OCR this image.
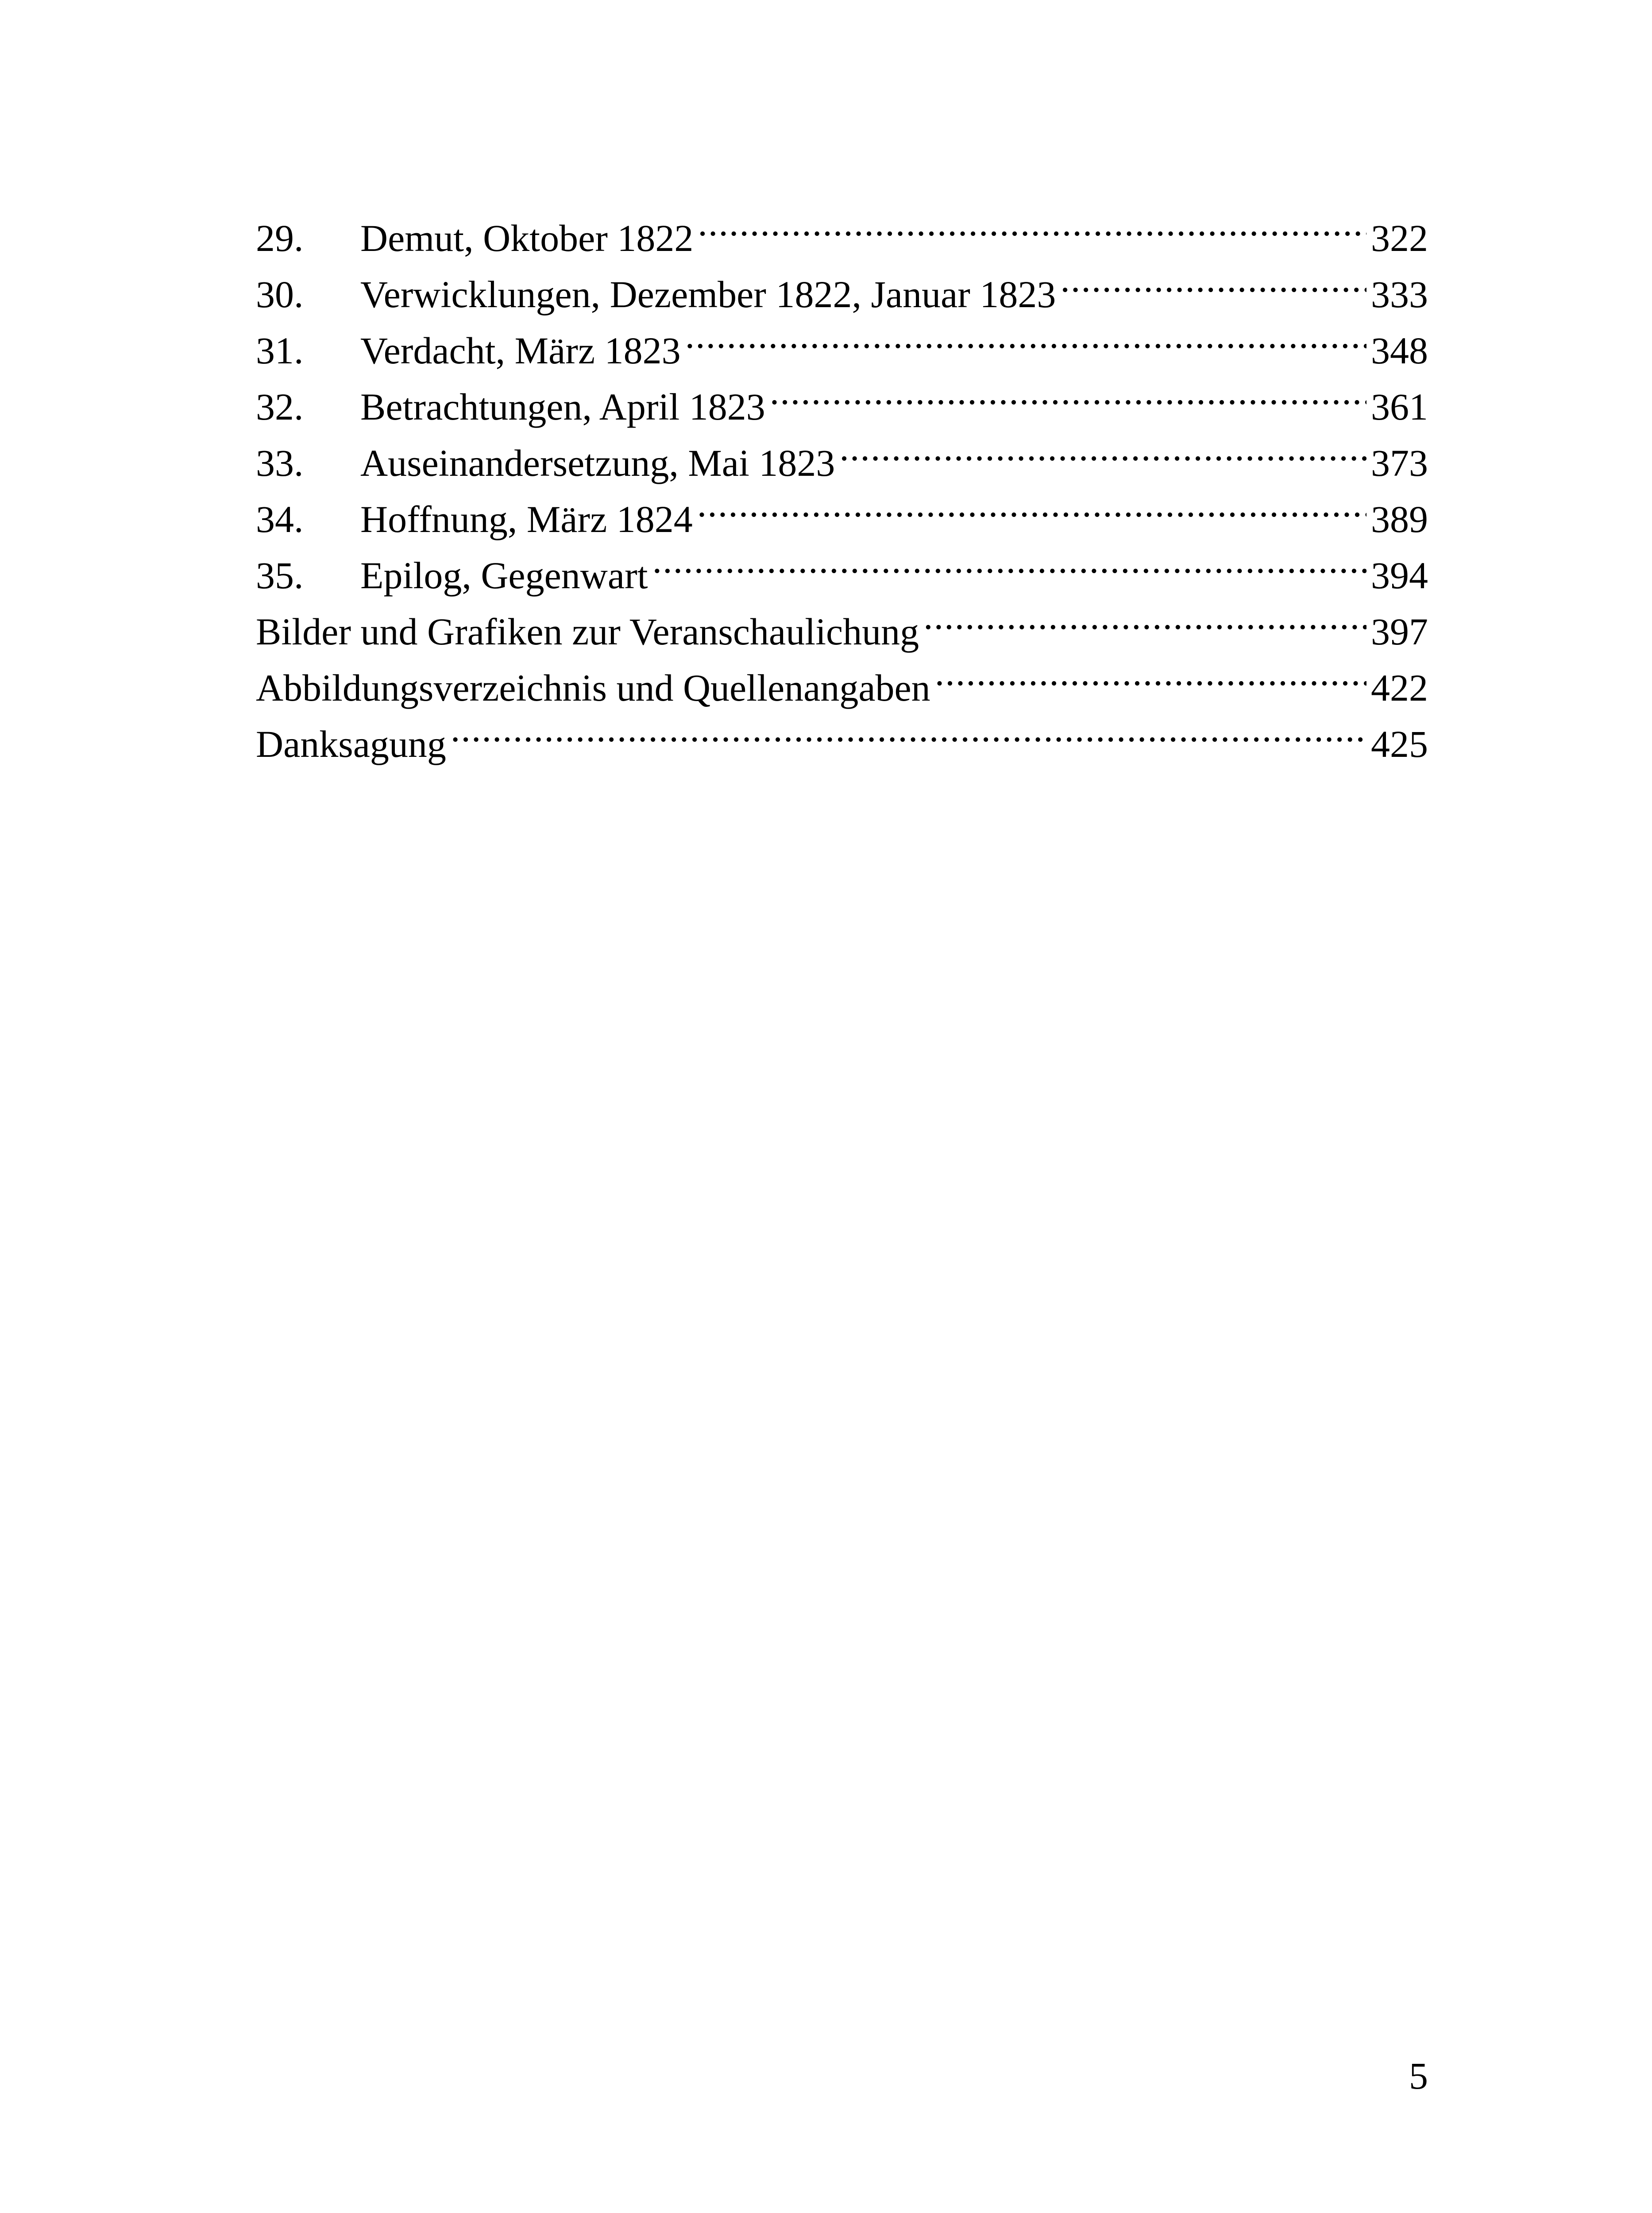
29.	Demut, Oktober 1822 .....	322
30.	Verwicklungen, Dezember 1822, Januar 1823 .....	333
31.	Verdacht, März 1823 .....	348
32.	Betrachtungen, April 1823 .....	361
33.	Auseinandersetzung, Mai 1823 .....	373
34.	Hoffnung, März 1824 .....	389
35.	Epilog, Gegenwart .....	394
Bilder und Grafiken zur Veranschaulichung .....	397
Abbildungsverzeichnis und Quellenangaben .....	422
Danksagung .....	425
5
